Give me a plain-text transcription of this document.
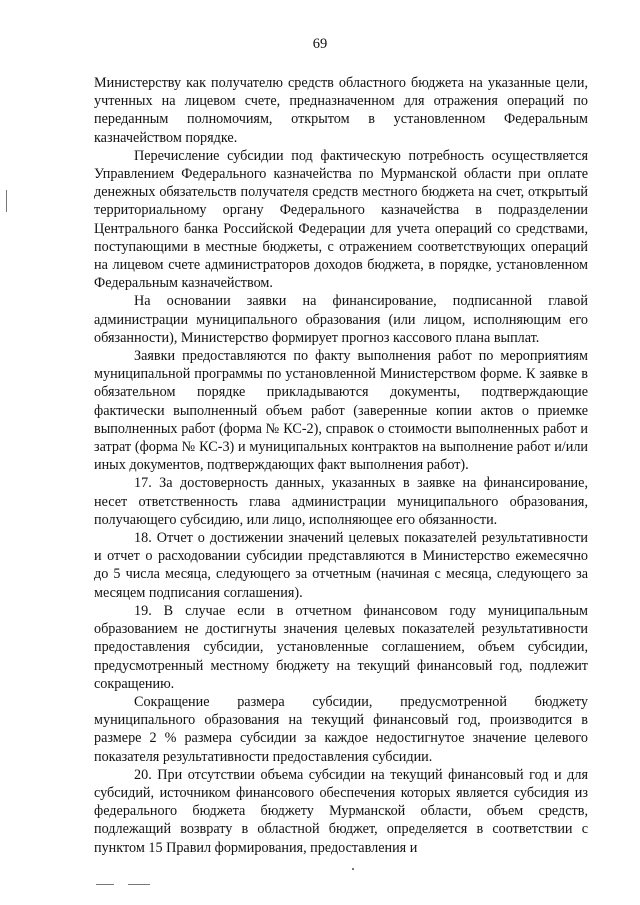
69

Министерству как получателю средств областного бюджета на указанные цели, учтенных на лицевом счете, предназначенном для отражения операций по переданным полномочиям, открытом в установленном Федеральным казначейством порядке.

Перечисление субсидии под фактическую потребность осуществляется Управлением Федерального казначейства по Мурманской области при оплате денежных обязательств получателя средств местного бюджета на счет, открытый территориальному органу Федерального казначейства в подразделении Центрального банка Российской Федерации для учета операций со средствами, поступающими в местные бюджеты, с отражением соответствующих операций на лицевом счете администраторов доходов бюджета, в порядке, установленном Федеральным казначейством.

На основании заявки на финансирование, подписанной главой администрации муниципального образования (или лицом, исполняющим его обязанности), Министерство формирует прогноз кассового плана выплат.

Заявки предоставляются по факту выполнения работ по мероприятиям муниципальной программы по установленной Министерством форме. К заявке в обязательном порядке прикладываются документы, подтверждающие фактически выполненный объем работ (заверенные копии актов о приемке выполненных работ (форма № КС-2), справок о стоимости выполненных работ и затрат (форма № КС-3) и муниципальных контрактов на выполнение работ и/или иных документов, подтверждающих факт выполнения работ).

17. За достоверность данных, указанных в заявке на финансирование, несет ответственность глава администрации муниципального образования, получающего субсидию, или лицо, исполняющее его обязанности.

18. Отчет о достижении значений целевых показателей результативности и отчет о расходовании субсидии представляются в Министерство ежемесячно до 5 числа месяца, следующего за отчетным (начиная с месяца, следующего за месяцем подписания соглашения).

19. В случае если в отчетном финансовом году муниципальным образованием не достигнуты значения целевых показателей результативности предоставления субсидии, установленные соглашением, объем субсидии, предусмотренный местному бюджету на текущий финансовый год, подлежит сокращению.

Сокращение размера субсидии, предусмотренной бюджету муниципального образования на текущий финансовый год, производится в размере 2 % размера субсидии за каждое недостигнутое значение целевого показателя результативности предоставления субсидии.

20. При отсутствии объема субсидии на текущий финансовый год и для субсидий, источником финансового обеспечения которых является субсидия из федерального бюджета бюджету Мурманской области, объем средств, подлежащий возврату в областной бюджет, определяется в соответствии с пунктом 15 Правил формирования, предоставления и
